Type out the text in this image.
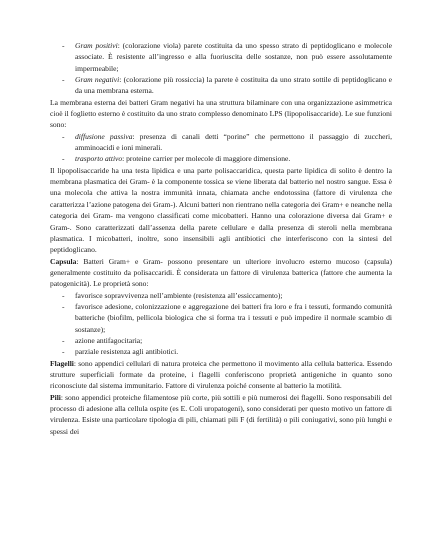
- Gram positivi: (colorazione viola) parete costituita da uno spesso strato di peptidoglicano e molecole associate. È resistente all’ingresso e alla fuoriuscita delle sostanze, non può essere assolutamente impermeabile;
- Gram negativi: (colorazione più rossiccia) la parete è costituita da uno strato sottile di peptidoglicano e da una membrana esterna.

La membrana esterna dei batteri Gram negativi ha una struttura bilaminare con una organizzazione asimmetrica cioè il foglietto esterno è costituito da uno strato complesso denominato LPS (lipopolisaccaride). Le sue funzioni sono:

- diffusione passiva: presenza di canali detti “porine” che permettono il passaggio di zuccheri, amminoacidi e ioni minerali.
- trasporto attivo: proteine carrier per molecole di maggiore dimensione.

Il lipopolisaccaride ha una testa lipidica e una parte polisaccaridica, questa parte lipidica di solito è dentro la membrana plasmatica dei Gram- è la componente tossica se viene liberata dal batterio nel nostro sangue. Essa è una molecola che attiva la nostra immunità innata, chiamata anche endotossina (fattore di virulenza che caratterizza l’azione patogena dei Gram-). Alcuni batteri non rientrano nella categoria dei Gram+ e neanche nella categoria dei Gram- ma vengono classificati come micobatteri. Hanno una colorazione diversa dai Gram+ e Gram-. Sono caratterizzati dall’assenza della parete cellulare e dalla presenza di steroli nella membrana plasmatica. I micobatteri, inoltre, sono insensibili agli antibiotici che interferiscono con la sintesi del peptidoglicano.

Capsula: Batteri Gram+ e Gram- possono presentare un ulteriore involucro esterno mucoso (capsula) generalmente costituito da polisaccaridi. È considerata un fattore di virulenza batterica (fattore che aumenta la patogenicità). Le proprietà sono:

- favorisce sopravvivenza nell’ambiente (resistenza all’essiccamento);
- favorisce adesione, colonizzazione e aggregazione dei batteri fra loro e fra i tessuti, formando comunità batteriche (biofilm, pellicola biologica che si forma tra i tessuti e può impedire il normale scambio di sostanze);
- azione antifagocitaria;
- parziale resistenza agli antibiotici.

Flagelli: sono appendici cellulari di natura proteica che permettono il movimento alla cellula batterica. Essendo strutture superficiali formate da proteine, i flagelli conferiscono proprietà antigeniche in quanto sono riconosciute dal sistema immunitario. Fattore di virulenza poiché consente al batterio la motilità.

Pili: sono appendici proteiche filamentose più corte, più sottili e più numerosi dei flagelli. Sono responsabili del processo di adesione alla cellula ospite (es E. Coli uropatogeni), sono considerati per questo motivo un fattore di virulenza. Esiste una particolare tipologia di pili, chiamati pili F (di fertilità) o pili coniugativi, sono più lunghi e spessi dei
